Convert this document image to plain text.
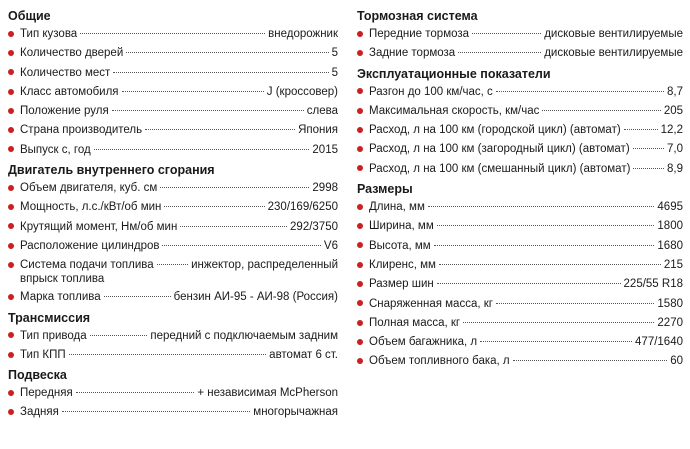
Общие
Тип кузова	внедорожник
Количество дверей	5
Количество мест	5
Класс автомобиля	J (кроссовер)
Положение руля	слева
Страна производитель	Япония
Выпуск с, год	2015
Двигатель внутреннего сгорания
Объем двигателя, куб. см	2998
Мощность, л.с./кВт/об мин	230/169/6250
Крутящий момент, Нм/об мин	292/3750
Расположение цилиндров	V6
Система подачи топлива	инжектор, распределенный
впрыск топлива
Марка топлива	бензин АИ-95 - АИ-98 (Россия)
Трансмиссия
Тип привода	передний с подключаемым задним
Тип КПП	автомат 6 ст.
Подвеска
Передняя	+ независимая McPherson
Задняя	многорычажная
Тормозная система
Передние тормоза	дисковые вентилируемые
Задние тормоза	дисковые вентилируемые
Эксплуатационные показатели
Разгон до 100 км/час, с	8,7
Максимальная скорость, км/час	205
Расход, л на 100 км (городской цикл) (автомат)	12,2
Расход, л на 100 км (загородный цикл) (автомат)	7,0
Расход, л на 100 км (смешанный цикл) (автомат)	8,9
Размеры
Длина, мм	4695
Ширина, мм	1800
Высота, мм	1680
Клиренс, мм	215
Размер шин	225/55 R18
Снаряженная масса, кг	1580
Полная масса, кг	2270
Объем багажника, л	477/1640
Объем топливного бака, л	60
